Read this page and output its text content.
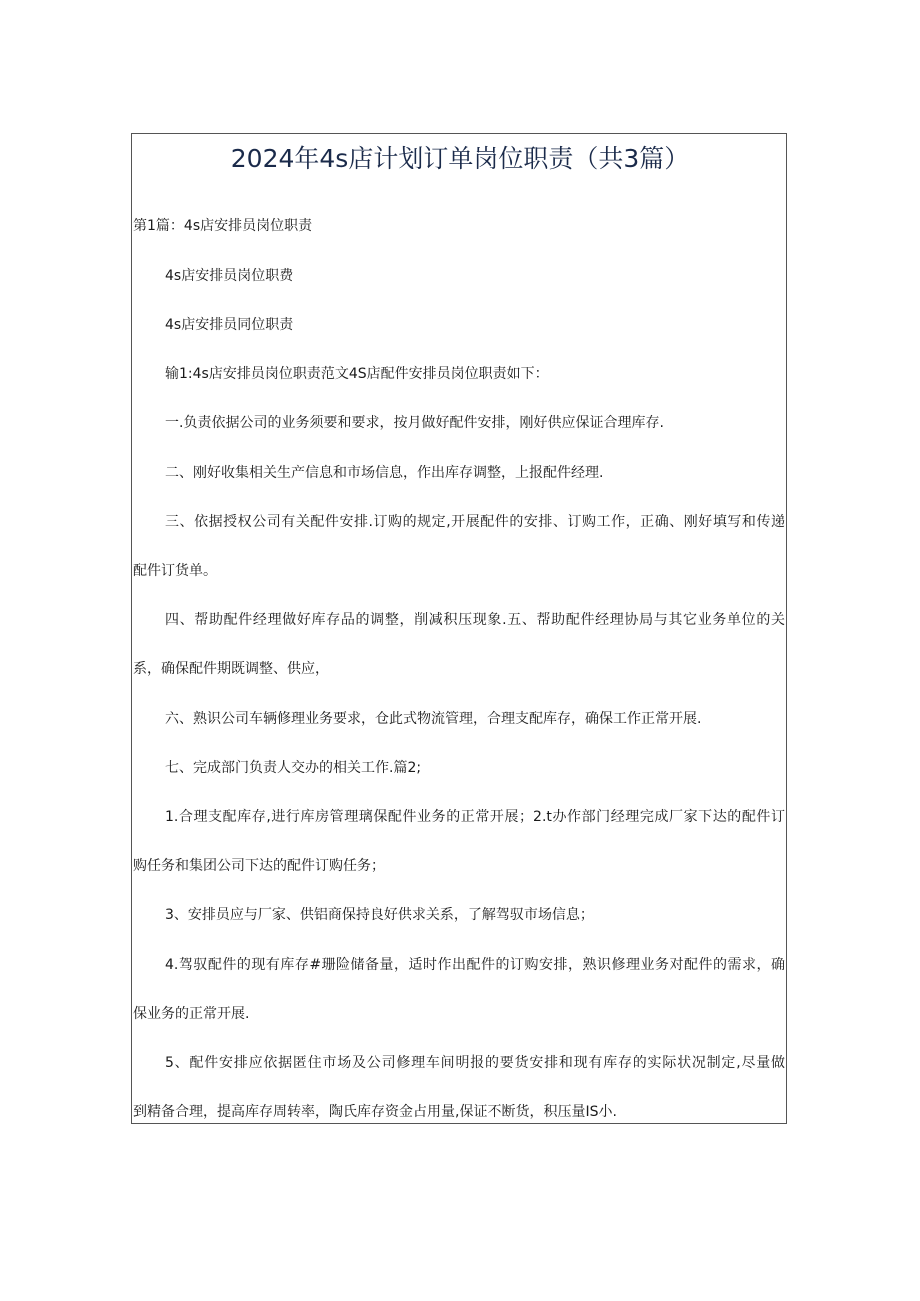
2024年4s店计划订单岗位职责（共3篇）
第1篇：4s店安排员岗位职责
4s店安排员岗位职费
4s店安排员同位职责
输1:4s店安排员岗位职责范文4S店配件安排员岗位职责如下：
一.负责依据公司的业务须要和要求，按月做好配件安排，刚好供应保证合理库存.
二、刚好收集相关生产信息和市场信息，作出库存调整，上报配件经理.
三、依据授权公司有关配件安排.订购的规定,开展配件的安排、订购工作，正确、刚好填写和传递
配件订货单。
四、帮助配件经理做好库存品的调整，削减积压现象.五、帮助配件经理协局与其它业务单位的关
系，确保配件期既调整、供应，
六、熟识公司车辆修理业务要求，仓此式物流管理，合理支配库存，确保工作正常开展.
七、完成部门负责人交办的相关工作.篇2;
1.合理支配库存,进行库房管理璃保配件业务的正常开展；2.t办作部门经理完成厂家下达的配件订
购任务和集团公司下达的配件订购任务；
3、安排员应与厂家、供铝商保持良好供求关系，了解驾驭市场信息；
4.驾驭配件的现有库存#珊险储备量，适时作出配件的订购安排，熟识修理业务对配件的需求，确
保业务的正常开展.
5、配件安排应依据匿住市场及公司修理车间明报的要货安排和现有库存的实际状况制定,尽量做
到精备合理，提高库存周转率，陶氏库存资金占用量,保证不断货，积压量IS小.
